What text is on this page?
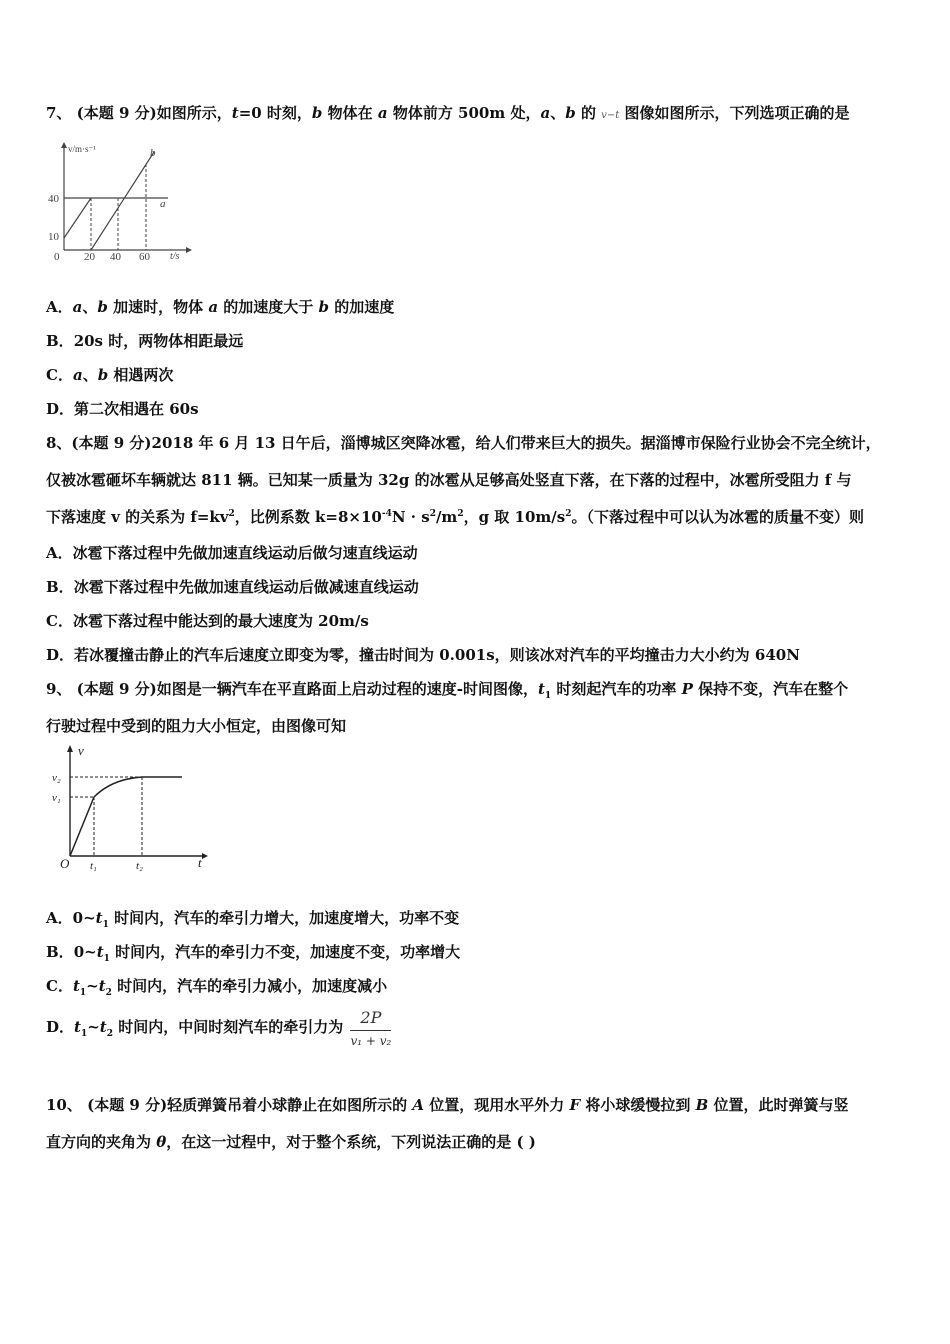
7、 (本题 9 分)如图所示，t=0 时刻，b 物体在 a 物体前方 500m 处，a、b 的 v−t 图像如图所示，下列选项正确的是
v/m·s⁻¹
t/s
40
10
0 20 40 60
a
b
A．a、b 加速时，物体 a 的加速度大于 b 的加速度
B．20s 时，两物体相距最远
C．a、b 相遇两次
D．第二次相遇在 60s
8、(本题 9 分)2018 年 6 月 13 日午后，淄博城区突降冰雹，给人们带来巨大的损失。据淄博市保险行业协会不完全统计，
仅被冰雹砸坏车辆就达 811 辆。已知某一质量为 32g 的冰雹从足够高处竖直下落，在下落的过程中，冰雹所受阻力 f 与
下落速度 v 的关系为 $f=kv^2$，比例系数 $k=8\times 10^{-4}N \cdot s^2/m^2$，g 取 $10m/s^2$。（下落过程中可以认为冰雹的质量不变）则
A．冰雹下落过程中先做加速直线运动后做匀速直线运动
B．冰雹下落过程中先做加速直线运动后做减速直线运动
C．冰雹下落过程中能达到的最大速度为 20m/s
D．若冰覆撞击静止的汽车后速度立即变为零，撞击时间为 0.001s，则该冰对汽车的平均撞击力大小约为 640N
9、 (本题 9 分)如图是一辆汽车在平直路面上启动过程的速度-时间图像，$t_1$ 时刻起汽车的功率 P 保持不变，汽车在整个
行驶过程中受到的阻力大小恒定，由图像可知
v
t
O
v₂
v₁
t₁	t₂
A．$0\sim t_1$ 时间内，汽车的牵引力增大，加速度增大，功率不变
B．$0\sim t_1$ 时间内，汽车的牵引力不变，加速度不变，功率增大
C．$t_1\sim t_2$ 时间内，汽车的牵引力减小，加速度减小
D．$t_1\sim t_2$ 时间内，中间时刻汽车的牵引力为 $\frac{2P}{\text{v₁ + v₂}}$
10、 (本题 9 分)轻质弹簧吊着小球静止在如图所示的 A 位置，现用水平外力 F 将小球缓慢拉到 B 位置，此时弹簧与竖
直方向的夹角为 θ，在这一过程中，对于整个系统，下列说法正确的是 ( )
